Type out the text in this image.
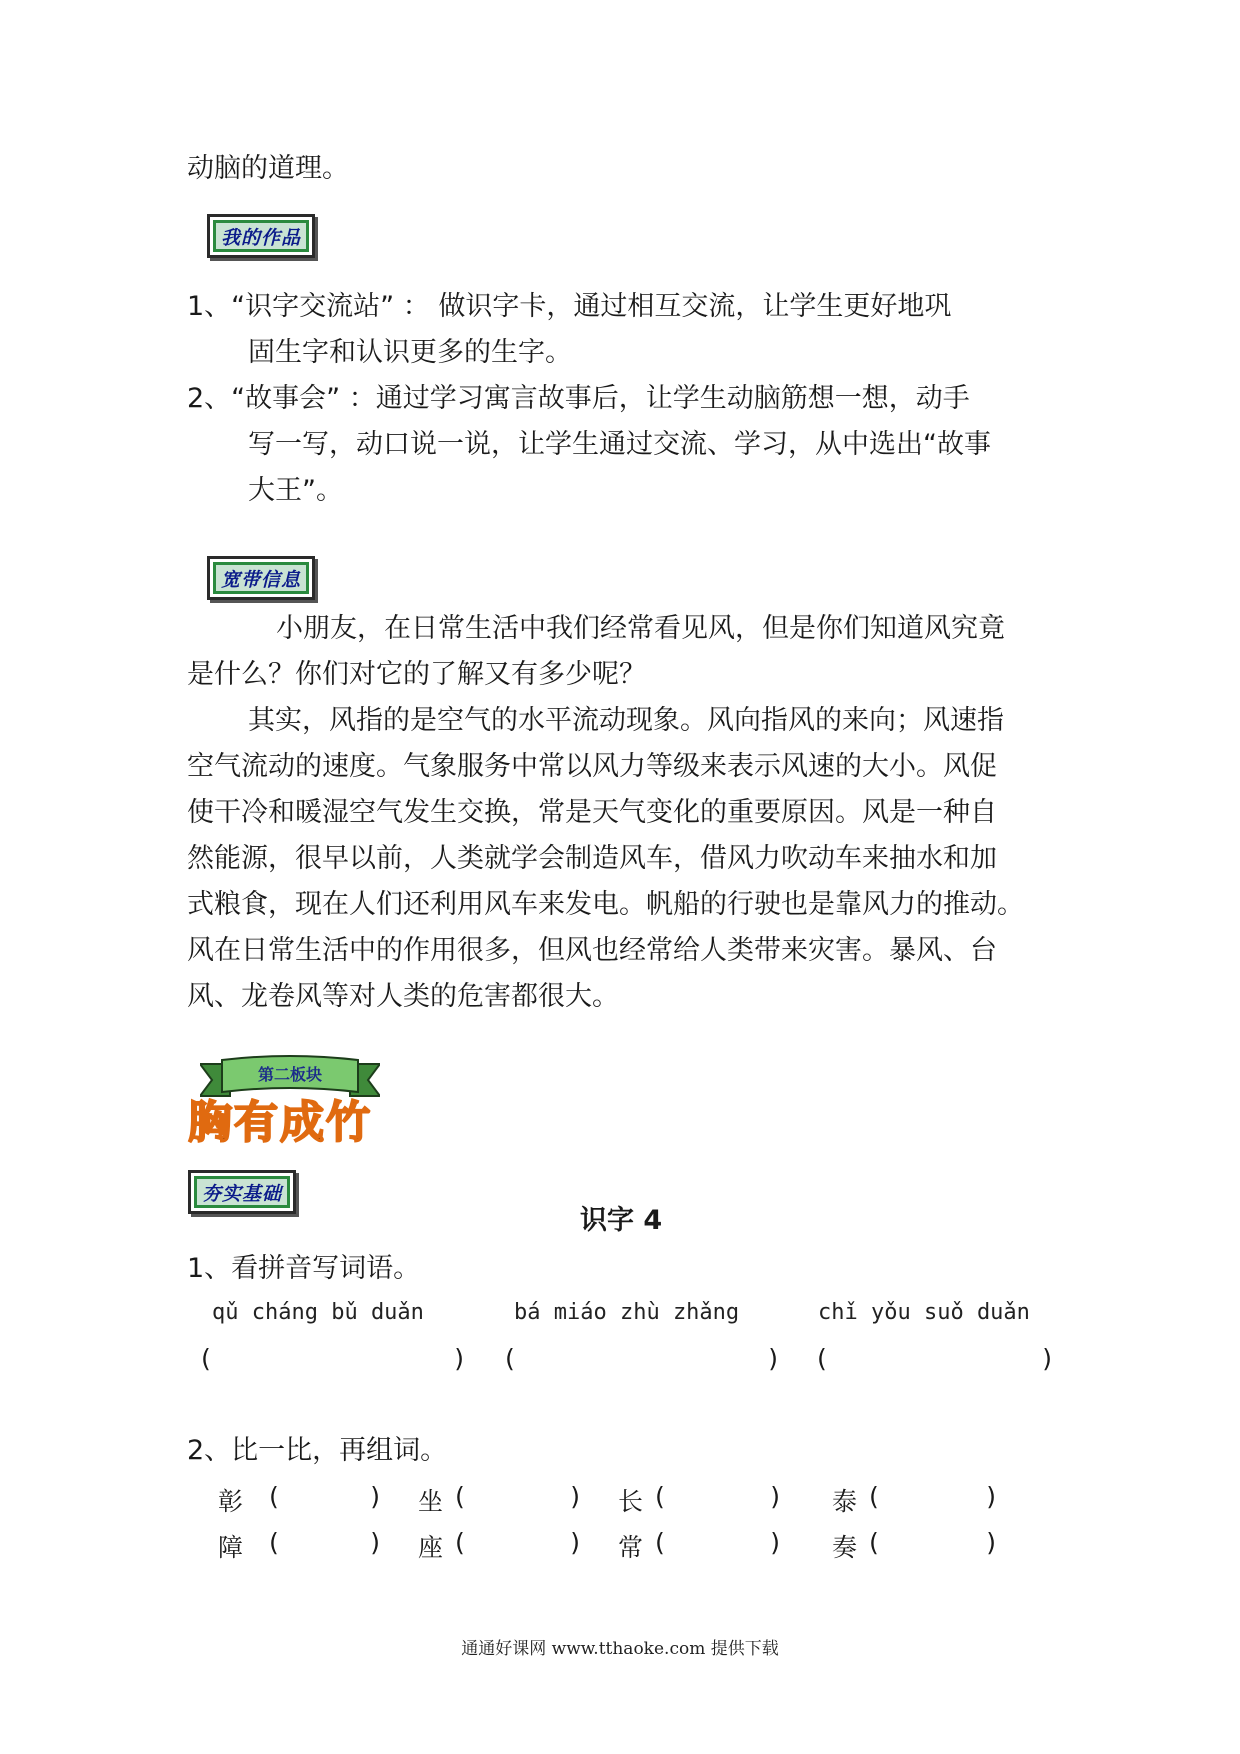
动脑的道理。
我的作品
1、“识字交流站” ： 做识字卡，通过相互交流，让学生更好地巩
固生字和认识更多的生字。
2、“故事会” ：通过学习寓言故事后，让学生动脑筋想一想，动手
写一写，动口说一说，让学生通过交流、学习，从中选出“故事
大王”。
宽带信息
小朋友，在日常生活中我们经常看见风，但是你们知道风究竟
是什么？你们对它的了解又有多少呢？
其实，风指的是空气的水平流动现象。风向指风的来向；风速指
空气流动的速度。气象服务中常以风力等级来表示风速的大小。风促
使干冷和暖湿空气发生交换，常是天气变化的重要原因。风是一种自
然能源，很早以前，人类就学会制造风车，借风力吹动车来抽水和加
式粮食，现在人们还利用风车来发电。帆船的行驶也是靠风力的推动。
风在日常生活中的作用很多，但风也经常给人类带来灾害。暴风、台
风、龙卷风等对人类的危害都很大。
第二板块
胸有成竹
夯实基础
识字 4
1、看拼音写词语。
qǔ cháng bǔ duǎn	bá miáo zhù zhǎng	chǐ yǒu suǒ duǎn
(	) (	) (	)
2、比一比，再组词。
彰 (	) 坐 (	) 长 (	) 泰 (	)
障 (	) 座 (	) 常 (	) 奏 (	)
通通好课网 www.tthaoke.com 提供下载
